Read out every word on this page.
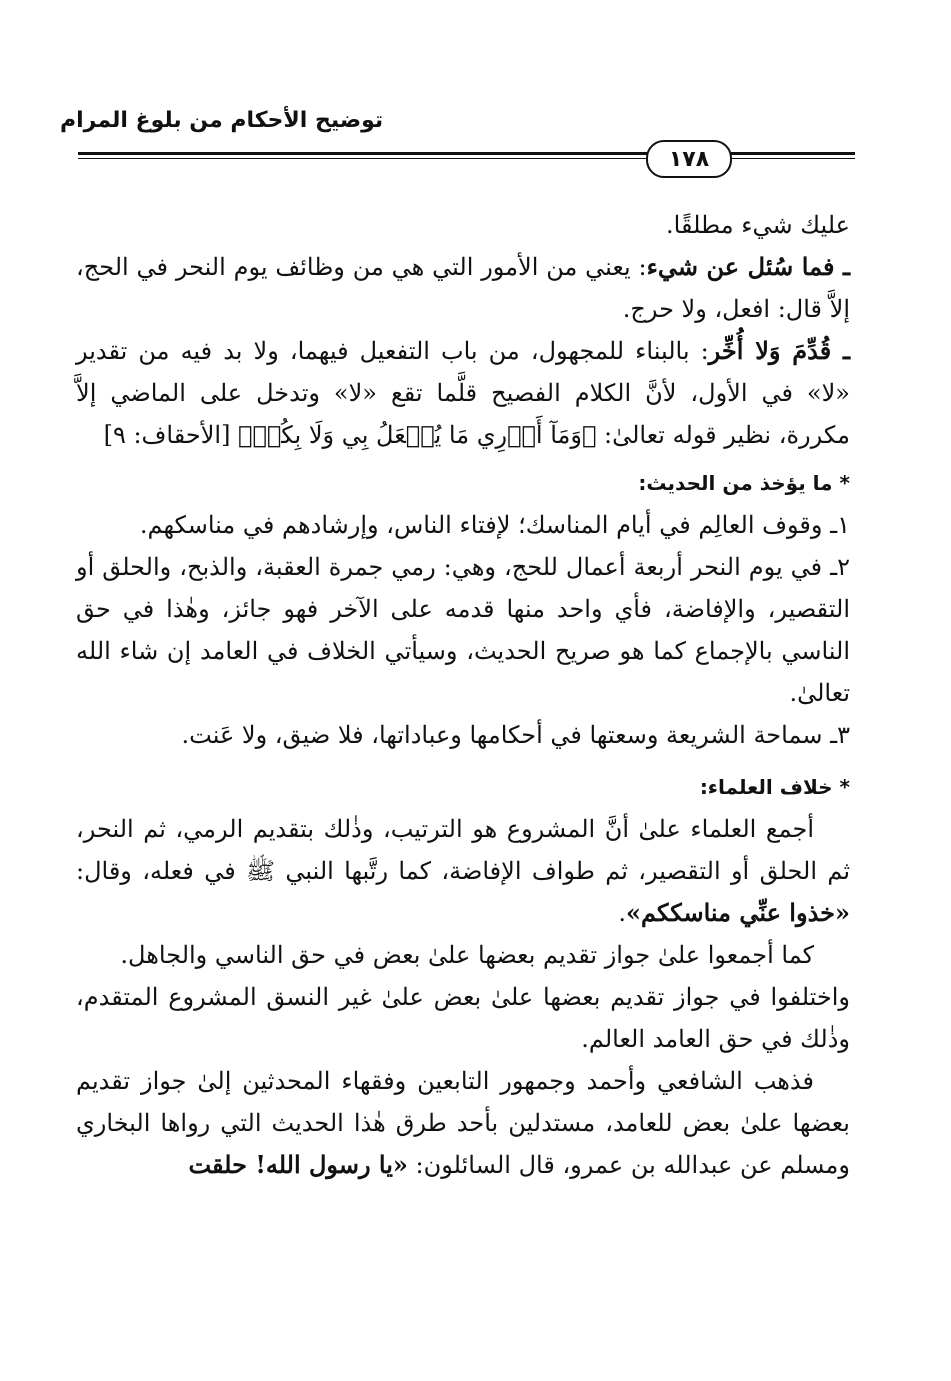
توضيح الأحكام من بلوغ المرام
١٧٨

عليك شيء مطلقًا.

ـ فما سُئل عن شيء: يعني من الأمور التي هي من وظائف يوم النحر في الحج، إلاَّ قال: افعل، ولا حرج.

ـ قُدِّمَ وَلا أُخِّر: بالبناء للمجهول، من باب التفعيل فيهما، ولا بد فيه من تقدير «لا» في الأول، لأنَّ الكلام الفصيح قلَّما تقع «لا» وتدخل على الماضي إلاَّ مكررة، نظير قوله تعالىٰ: ﴿وَمَآ أَدۡرِي مَا يُفۡعَلُ بِي وَلَا بِكُمۡ﴾ [الأحقاف: ٩]

* ما يؤخذ من الحديث:

١ـ وقوف العالِم في أيام المناسك؛ لإفتاء الناس، وإرشادهم في مناسكهم.

٢ـ في يوم النحر أربعة أعمال للحج، وهي: رمي جمرة العقبة، والذبح، والحلق أو التقصير، والإفاضة، فأي واحد منها قدمه على الآخر فهو جائز، وهٰذا في حق الناسي بالإجماع كما هو صريح الحديث، وسيأتي الخلاف في العامد إن شاء الله تعالىٰ.

٣ـ سماحة الشريعة وسعتها في أحكامها وعباداتها، فلا ضيق، ولا عَنت.

* خلاف العلماء:

أجمع العلماء علىٰ أنَّ المشروع هو الترتيب، وذٰلك بتقديم الرمي، ثم النحر، ثم الحلق أو التقصير، ثم طواف الإفاضة، كما رتَّبها النبي ﷺ في فعله، وقال: «خذوا عنِّي مناسككم».

كما أجمعوا علىٰ جواز تقديم بعضها علىٰ بعض في حق الناسي والجاهل.

واختلفوا في جواز تقديم بعضها علىٰ بعض علىٰ غير النسق المشروع المتقدم، وذٰلك في حق العامد العالم.

فذهب الشافعي وأحمد وجمهور التابعين وفقهاء المحدثين إلىٰ جواز تقديم بعضها علىٰ بعض للعامد، مستدلين بأحد طرق هٰذا الحديث التي رواها البخاري ومسلم عن عبدالله بن عمرو، قال السائلون: «يا رسول الله! حلقت
